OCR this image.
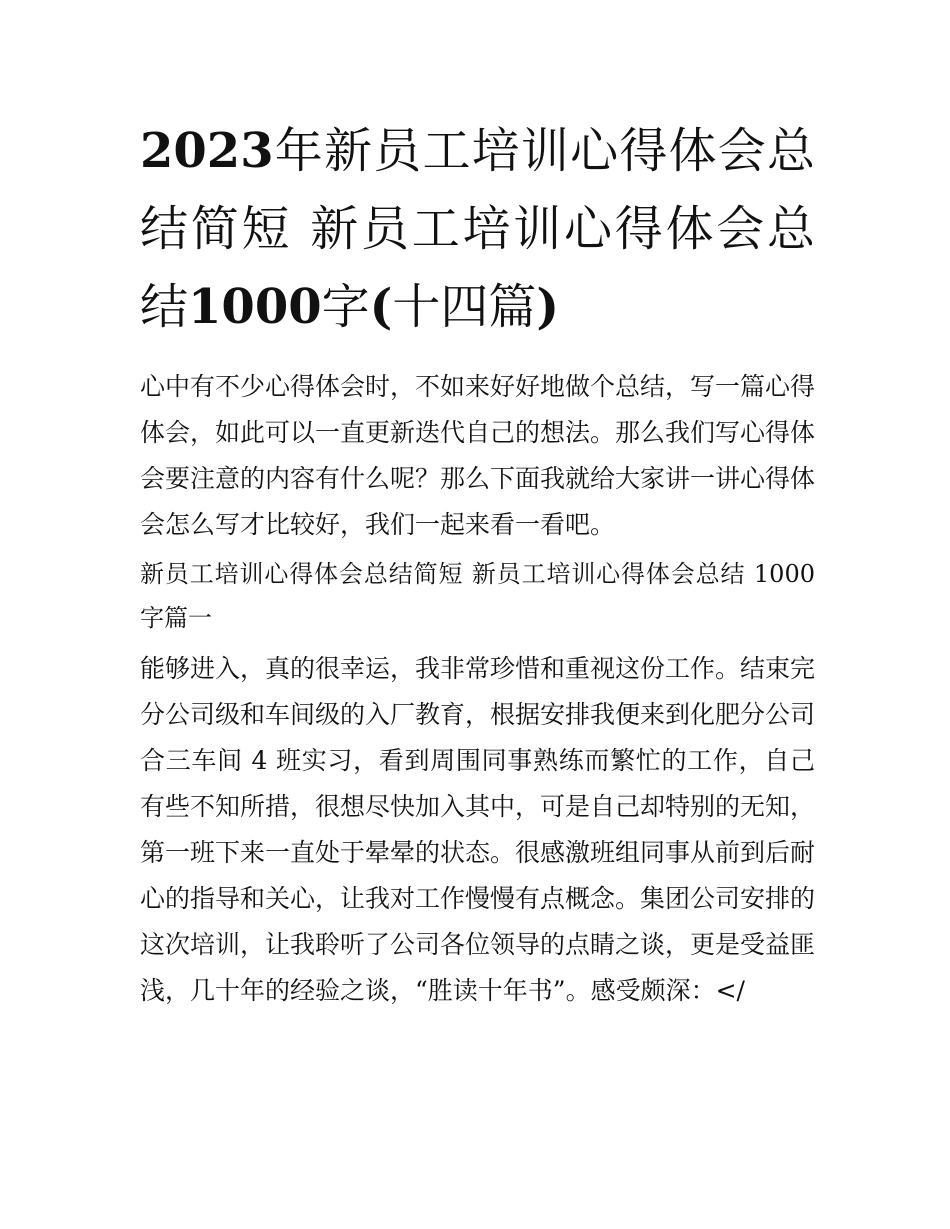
2023年新员工培训心得体会总结简短 新员工培训心得体会总结1000字(十四篇)

心中有不少心得体会时，不如来好好地做个总结，写一篇心得体会，如此可以一直更新迭代自己的想法。那么我们写心得体会要注意的内容有什么呢？那么下面我就给大家讲一讲心得体会怎么写才比较好，我们一起来看一看吧。

新员工培训心得体会总结简短 新员工培训心得体会总结 1000 字篇一

能够进入，真的很幸运，我非常珍惜和重视这份工作。结束完分公司级和车间级的入厂教育，根据安排我便来到化肥分公司合三车间 4 班实习，看到周围同事熟练而繁忙的工作，自己有些不知所措，很想尽快加入其中，可是自己却特别的无知，第一班下来一直处于晕晕的状态。很感激班组同事从前到后耐心的指导和关心，让我对工作慢慢有点概念。集团公司安排的这次培训，让我聆听了公司各位领导的点睛之谈，更是受益匪浅，几十年的经验之谈，“胜读十年书”。感受颇深：</
